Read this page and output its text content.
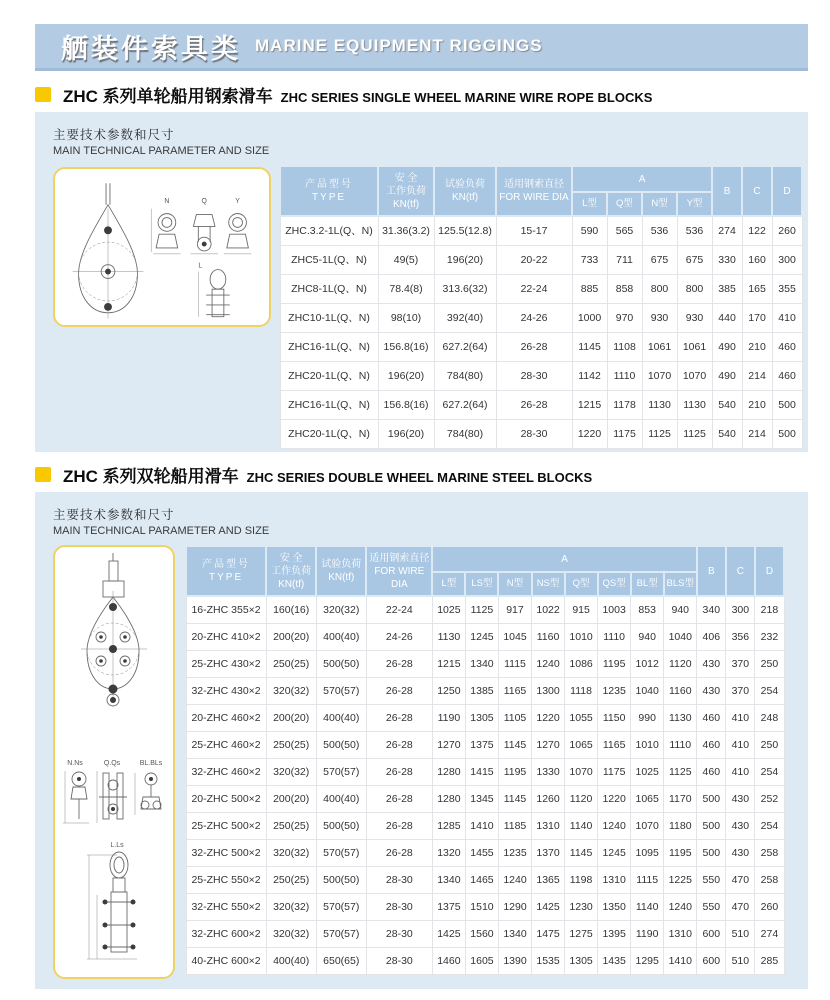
舾装件索具类 MARINE EQUIPMENT RIGGINGS
ZHC 系列单轮船用钢索滑车 ZHC SERIES SINGLE WHEEL MARINE WIRE ROPE BLOCKS
主要技术参数和尺寸
MAIN TECHNICAL PARAMETER AND SIZE
N	Q	Y
L
产品型号
TYPE

安 全
工作负荷
KN(tf)

试验负荷
KN(tf)

适用钢索直径
FOR WIRE DIA
	A	B	C	D
				L型	Q型	N型	Y型			
ZHC.3.2-1L(Q、N)	31.36(3.2)	125.5(12.8)	15-17	590	565	536	536	274	122	260
ZHC5-1L(Q、N)	49(5)	196(20)	20-22	733	711	675	675	330	160	300
ZHC8-1L(Q、N)	78.4(8)	313.6(32)	22-24	885	858	800	800	385	165	355
ZHC10-1L(Q、N)	98(10)	392(40)	24-26	1000	970	930	930	440	170	410
ZHC16-1L(Q、N)	156.8(16)	627.2(64)	26-28	1145	1108	1061	1061	490	210	460
ZHC20-1L(Q、N)	196(20)	784(80)	28-30	1142	1110	1070	1070	490	214	460
ZHC16-1L(Q、N)	156.8(16)	627.2(64)	26-28	1215	1178	1130	1130	540	210	500
ZHC20-1L(Q、N)	196(20)	784(80)	28-30	1220	1175	1125	1125	540	214	500
ZHC 系列双轮船用滑车 ZHC SERIES DOUBLE WHEEL MARINE STEEL BLOCKS
主要技术参数和尺寸
MAIN TECHNICAL PARAMETER AND SIZE
N.Ns	Q.Qs	BL.BLs
L.Ls
产品型号
TYPE

安 全
工作负荷
KN(tf)

试验负荷
KN(tf)

适用钢索直径
FOR WIRE DIA
	A	B	C	D
				L型	LS型	N型	NS型	Q型	QS型	BL型	BLS型			
16-ZHC 355×2	160(16)	320(32)	22-24	1025	1125	917	1022	915	1003	853	940	340	300	218
20-ZHC 410×2	200(20)	400(40)	24-26	1130	1245	1045	1160	1010	1110	940	1040	406	356	232
25-ZHC 430×2	250(25)	500(50)	26-28	1215	1340	1115	1240	1086	1195	1012	1120	430	370	250
32-ZHC 430×2	320(32)	570(57)	26-28	1250	1385	1165	1300	1118	1235	1040	1160	430	370	254
20-ZHC 460×2	200(20)	400(40)	26-28	1190	1305	1105	1220	1055	1150	990	1130	460	410	248
25-ZHC 460×2	250(25)	500(50)	26-28	1270	1375	1145	1270	1065	1165	1010	1110	460	410	250
32-ZHC 460×2	320(32)	570(57)	26-28	1280	1415	1195	1330	1070	1175	1025	1125	460	410	254
20-ZHC 500×2	200(20)	400(40)	26-28	1280	1345	1145	1260	1120	1220	1065	1170	500	430	252
25-ZHC 500×2	250(25)	500(50)	26-28	1285	1410	1185	1310	1140	1240	1070	1180	500	430	254
32-ZHC 500×2	320(32)	570(57)	26-28	1320	1455	1235	1370	1145	1245	1095	1195	500	430	258
25-ZHC 550×2	250(25)	500(50)	28-30	1340	1465	1240	1365	1198	1310	1115	1225	550	470	258
32-ZHC 550×2	320(32)	570(57)	28-30	1375	1510	1290	1425	1230	1350	1140	1240	550	470	260
32-ZHC 600×2	320(32)	570(57)	28-30	1425	1560	1340	1475	1275	1395	1190	1310	600	510	274
40-ZHC 600×2	400(40)	650(65)	28-30	1460	1605	1390	1535	1305	1435	1295	1410	600	510	285
